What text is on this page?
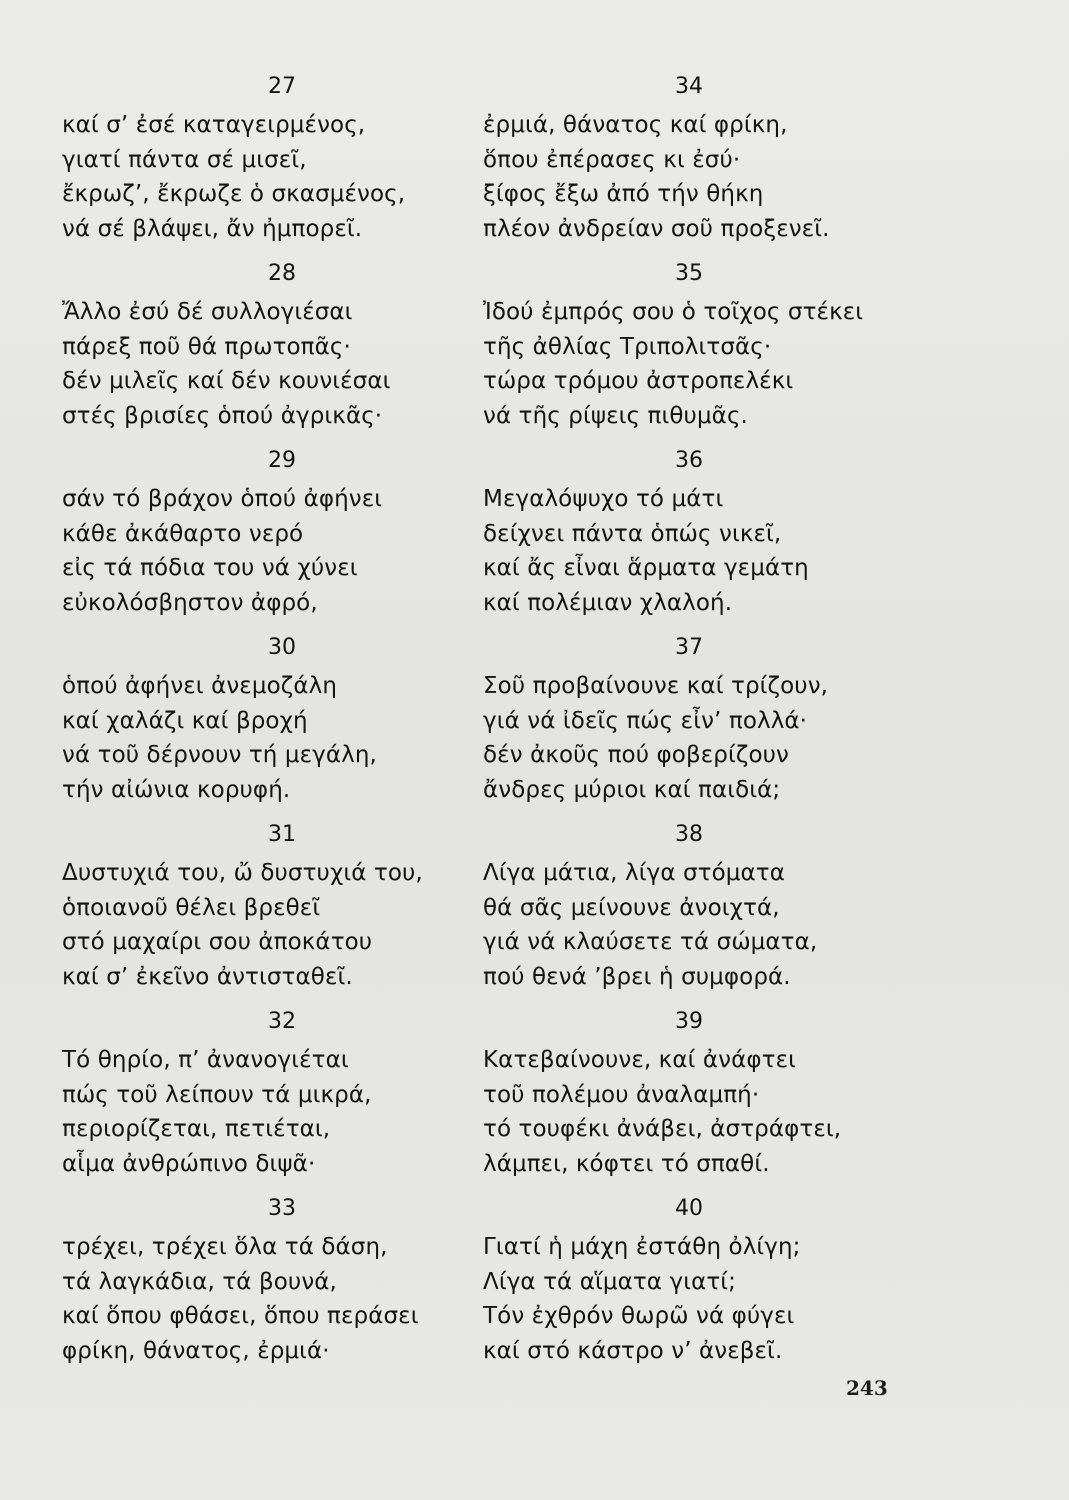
27
καί σ’ ἐσέ καταγειρμένος,
γιατί πάντα σέ μισεῖ,
ἔκρωζ’, ἔκρωζε ὁ σκασμένος,
νά σέ βλάψει, ἄν ἠμπορεῖ.
28
Ἄλλο ἐσύ δέ συλλογιέσαι
πάρεξ ποῦ θά πρωτοπᾶς·
δέν μιλεῖς καί δέν κουνιέσαι
στές βρισίες ὁπού ἀγρικᾶς·
29
σάν τό βράχον ὁπού ἀφήνει
κάθε ἀκάθαρτο νερό
εἰς τά πόδια του νά χύνει
εὐκολόσβηστον ἀφρό,
30
ὁπού ἀφήνει ἀνεμοζάλη
καί χαλάζι καί βροχή
νά τοῦ δέρνουν τή μεγάλη,
τήν αἰώνια κορυφή.
31
Δυστυχιά του, ὤ δυστυχιά του,
ὁποιανοῦ θέλει βρεθεῖ
στό μαχαίρι σου ἀποκάτου
καί σ’ ἐκεῖνο ἀντισταθεῖ.
32
Τό θηρίο, π’ ἀνανογιέται
πώς τοῦ λείπουν τά μικρά,
περιορίζεται, πετιέται,
αἷμα ἀνθρώπινο διψᾶ·
33
τρέχει, τρέχει ὅλα τά δάση,
τά λαγκάδια, τά βουνά,
καί ὅπου φθάσει, ὅπου περάσει
φρίκη, θάνατος, ἐρμιά·
34
ἐρμιά, θάνατος καί φρίκη,
ὅπου ἐπέρασες κι ἐσύ·
ξίφος ἔξω ἀπό τήν θήκη
πλέον ἀνδρείαν σοῦ προξενεῖ.
35
Ἰδού ἐμπρός σου ὁ τοῖχος στέκει
τῆς ἀθλίας Τριπολιτσᾶς·
τώρα τρόμου ἀστροπελέκι
νά τῆς ρίψεις πιθυμᾶς.
36
Μεγαλόψυχο τό μάτι
δείχνει πάντα ὁπώς νικεῖ,
καί ἄς εἶναι ἅρματα γεμάτη
καί πολέμιαν χλαλοή.
37
Σοῦ προβαίνουνε καί τρίζουν,
γιά νά ἰδεῖς πώς εἶν’ πολλά·
δέν ἀκοῦς πού φοβερίζουν
ἄνδρες μύριοι καί παιδιά;
38
Λίγα μάτια, λίγα στόματα
θά σᾶς μείνουνε ἀνοιχτά,
γιά νά κλαύσετε τά σώματα,
πού θενά ’βρει ἡ συμφορά.
39
Κατεβαίνουνε, καί ἀνάφτει
τοῦ πολέμου ἀναλαμπή·
τό τουφέκι ἀνάβει, ἀστράφτει,
λάμπει, κόφτει τό σπαθί.
40
Γιατί ἡ μάχη ἐστάθη ὀλίγη;
Λίγα τά αἵματα γιατί;
Τόν ἐχθρόν θωρῶ νά φύγει
καί στό κάστρο ν’ ἀνεβεῖ.
243
